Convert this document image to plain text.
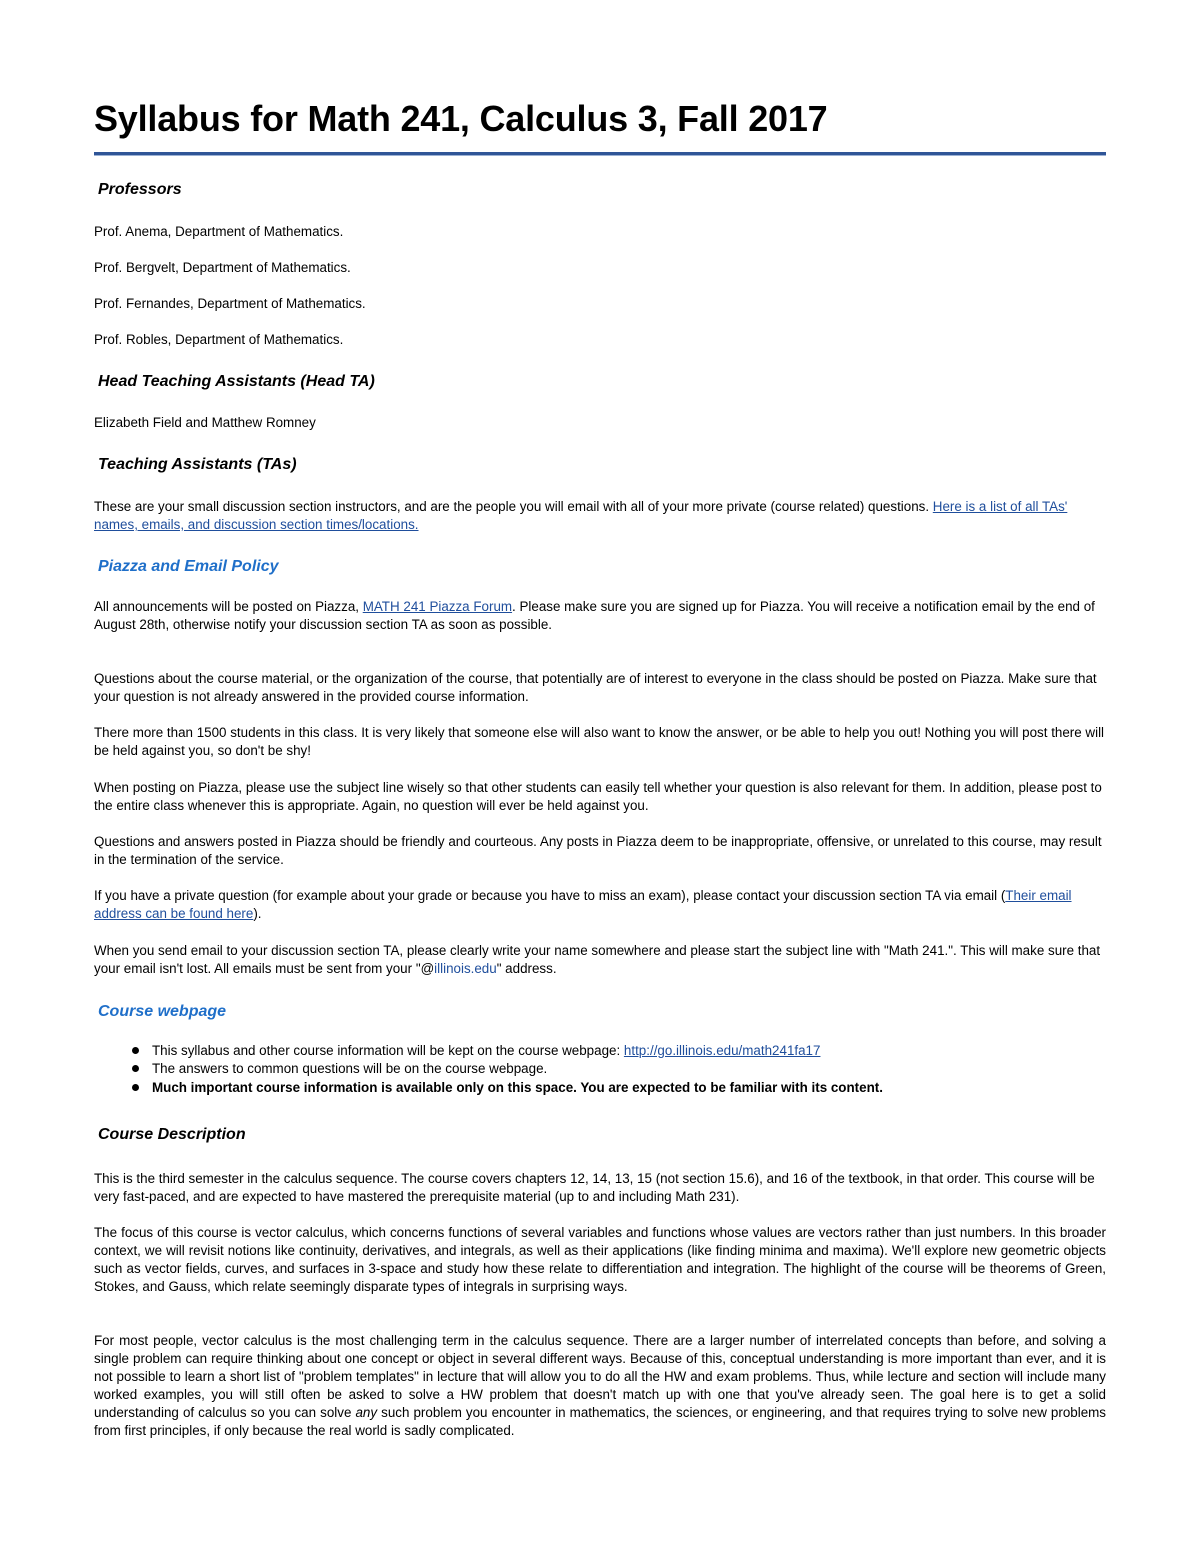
Syllabus for Math 241, Calculus 3, Fall 2017
Professors

Prof. Anema, Department of Mathematics.

Prof. Bergvelt, Department of Mathematics.

Prof. Fernandes, Department of Mathematics.

Prof. Robles, Department of Mathematics.

Head Teaching Assistants (Head TA)

Elizabeth Field and Matthew Romney

Teaching Assistants (TAs)

These are your small discussion section instructors, and are the people you will email with all of your more private (course related) questions. Here is a list of all TAs' names, emails, and discussion section times/locations.

Piazza and Email Policy

All announcements will be posted on Piazza, MATH 241 Piazza Forum. Please make sure you are signed up for Piazza. You will receive a notification email by the end of August 28th, otherwise notify your discussion section TA as soon as possible.

Questions about the course material, or the organization of the course, that potentially are of interest to everyone in the class should be posted on Piazza. Make sure that your question is not already answered in the provided course information.

There more than 1500 students in this class. It is very likely that someone else will also want to know the answer, or be able to help you out! Nothing you will post there will be held against you, so don't be shy!

When posting on Piazza, please use the subject line wisely so that other students can easily tell whether your question is also relevant for them. In addition, please post to the entire class whenever this is appropriate. Again, no question will ever be held against you.

Questions and answers posted in Piazza should be friendly and courteous. Any posts in Piazza deem to be inappropriate, offensive, or unrelated to this course, may result in the termination of the service.

If you have a private question (for example about your grade or because you have to miss an exam), please contact your discussion section TA via email (Their email address can be found here).

When you send email to your discussion section TA, please clearly write your name somewhere and please start the subject line with "Math 241.". This will make sure that your email isn't lost. All emails must be sent from your "@illinois.edu" address.

Course webpage
This syllabus and other course information will be kept on the course webpage: http://go.illinois.edu/math241fa17
The answers to common questions will be on the course webpage.
Much important course information is available only on this space. You are expected to be familiar with its content.
Course Description

This is the third semester in the calculus sequence. The course covers chapters 12, 14, 13, 15 (not section 15.6), and 16 of the textbook, in that order. This course will be very fast-paced, and are expected to have mastered the prerequisite material (up to and including Math 231).

The focus of this course is vector calculus, which concerns functions of several variables and functions whose values are vectors rather than just numbers. In this broader context, we will revisit notions like continuity, derivatives, and integrals, as well as their applications (like finding minima and maxima). We'll explore new geometric objects such as vector fields, curves, and surfaces in 3-space and study how these relate to differentiation and integration. The highlight of the course will be theorems of Green, Stokes, and Gauss, which relate seemingly disparate types of integrals in surprising ways.

For most people, vector calculus is the most challenging term in the calculus sequence. There are a larger number of interrelated concepts than before, and solving a single problem can require thinking about one concept or object in several different ways. Because of this, conceptual understanding is more important than ever, and it is not possible to learn a short list of "problem templates" in lecture that will allow you to do all the HW and exam problems. Thus, while lecture and section will include many worked examples, you will still often be asked to solve a HW problem that doesn't match up with one that you've already seen. The goal here is to get a solid understanding of calculus so you can solve any such problem you encounter in mathematics, the sciences, or engineering, and that requires trying to solve new problems from first principles, if only because the real world is sadly complicated.
